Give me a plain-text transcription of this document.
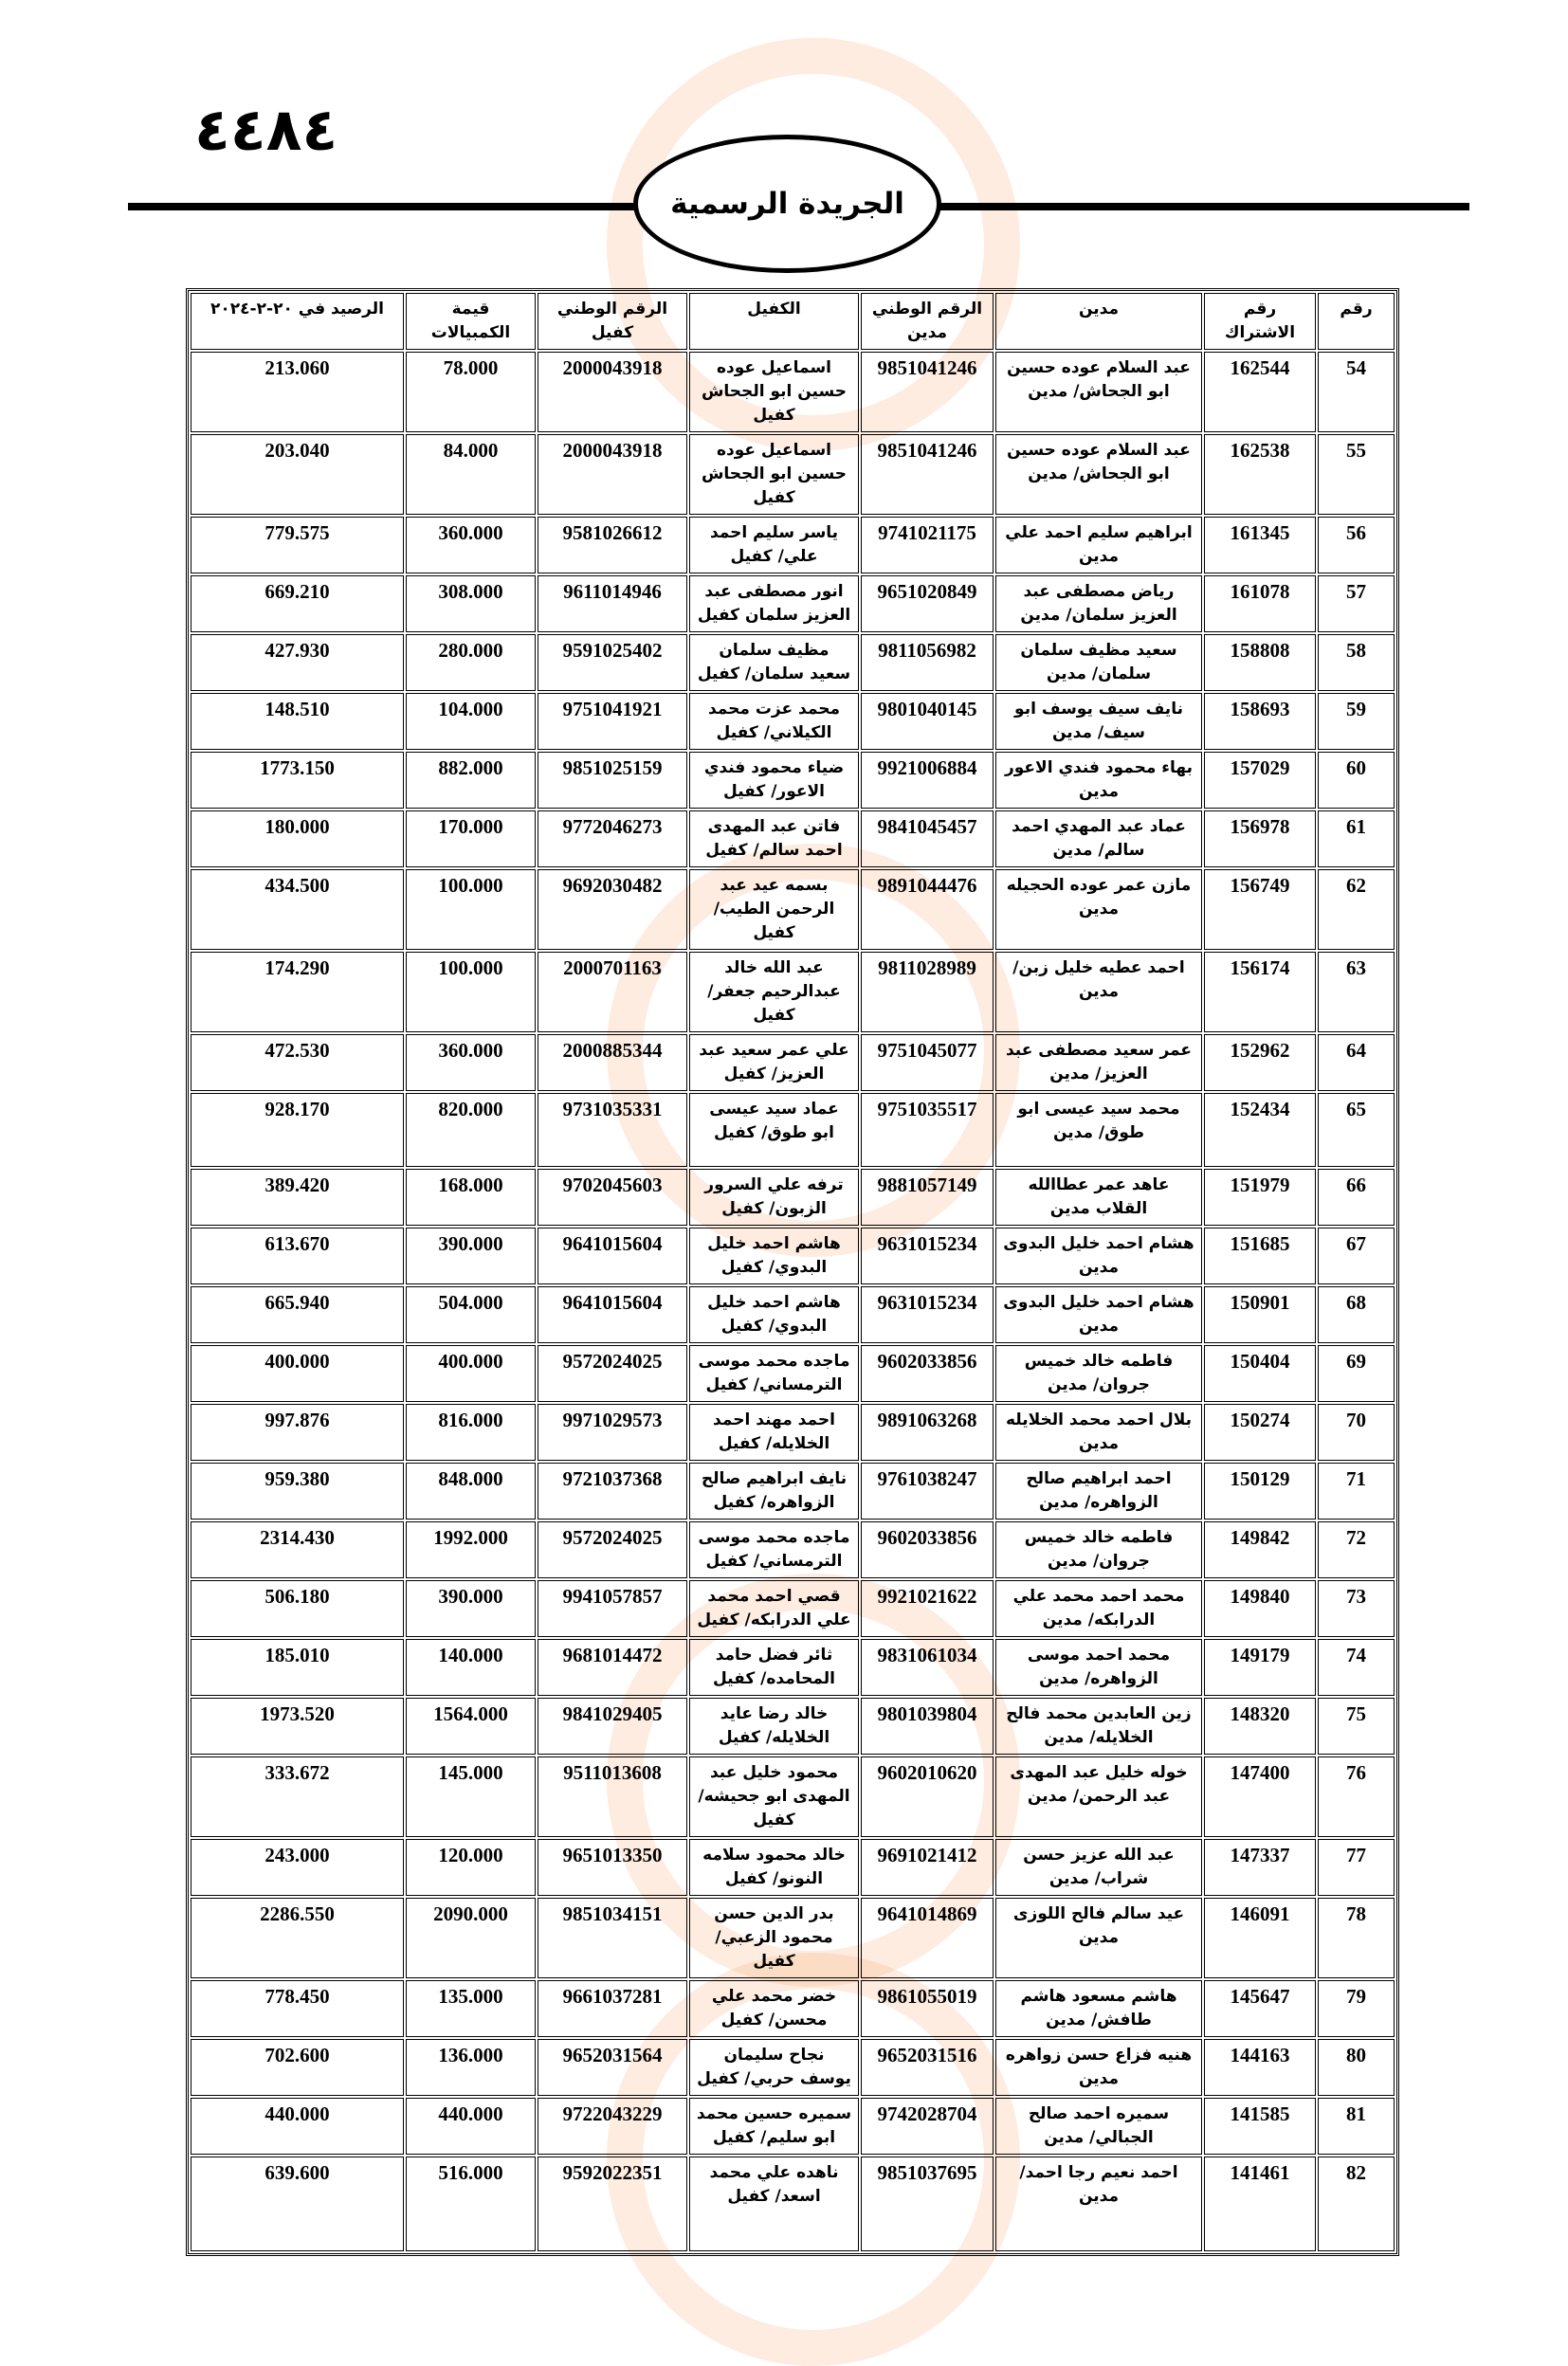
٤٤٨٤
الجريدة الرسمية
رقم	رقم الاشتراك	مدين	الرقم الوطني مدين	الكفيل	الرقم الوطني كفيل	قيمة الكمبيالات	الرصيد في ٢٠-٢-٢٠٢٤
54	162544	عبد السلام عوده حسين ابو الجحاش/ مدين	9851041246	اسماعيل عوده حسين ابو الجحاش كفيل	2000043918	78.000	213.060
55	162538	عبد السلام عوده حسين ابو الجحاش/ مدين	9851041246	اسماعيل عوده حسين ابو الجحاش كفيل	2000043918	84.000	203.040
56	161345	ابراهيم سليم احمد علي مدين	9741021175	ياسر سليم احمد علي/ كفيل	9581026612	360.000	779.575
57	161078	رياض مصطفى عبد العزيز سلمان/ مدين	9651020849	انور مصطفى عبد العزيز سلمان كفيل	9611014946	308.000	669.210
58	158808	سعيد مظيف سلمان سلمان/ مدين	9811056982	مظيف سلمان سعيد سلمان/ كفيل	9591025402	280.000	427.930
59	158693	نايف سيف يوسف ابو سيف/ مدين	9801040145	محمد عزت محمد الكيلاني/ كفيل	9751041921	104.000	148.510
60	157029	بهاء محمود فندي الاعور مدين	9921006884	ضياء محمود فندي الاعور/ كفيل	9851025159	882.000	1773.150
61	156978	عماد عبد المهدي احمد سالم/ مدين	9841045457	فاتن عبد المهدى احمد سالم/ كفيل	9772046273	170.000	180.000
62	156749	مازن عمر عوده الحجيله مدين	9891044476	بسمه عيد عبد الرحمن الطيب/ كفيل	9692030482	100.000	434.500
63	156174	احمد عطيه خليل زبن/مدين	9811028989	عبد الله خالد عبدالرحيم جعفر/كفيل	2000701163	100.000	174.290
64	152962	عمر سعيد مصطفى عبد العزيز/ مدين	9751045077	علي عمر سعيد عبد العزيز/ كفيل	2000885344	360.000	472.530
65	152434	محمد سيد عيسى ابو طوق/ مدين	9751035517	عماد سيد عيسى ابو طوق/ كفيل	9731035331	820.000	928.170
66	151979	عاهد عمر عطاالله القلاب مدين	9881057149	ترفه علي السرور الزبون/ كفيل	9702045603	168.000	389.420
67	151685	هشام احمد خليل البدوى مدين	9631015234	هاشم احمد خليل البدوي/ كفيل	9641015604	390.000	613.670
68	150901	هشام احمد خليل البدوى مدين	9631015234	هاشم احمد خليل البدوي/ كفيل	9641015604	504.000	665.940
69	150404	فاطمه خالد خميس جروان/ مدين	9602033856	ماجده محمد موسى الترمساني/ كفيل	9572024025	400.000	400.000
70	150274	بلال احمد محمد الخلايله مدين	9891063268	احمد مهند احمد الخلايله/ كفيل	9971029573	816.000	997.876
71	150129	احمد ابراهيم صالح الزواهره/ مدين	9761038247	نايف ابراهيم صالح الزواهره/ كفيل	9721037368	848.000	959.380
72	149842	فاطمه خالد خميس جروان/ مدين	9602033856	ماجده محمد موسى الترمساني/ كفيل	9572024025	1992.000	2314.430
73	149840	محمد احمد محمد علي الدرابكه/ مدين	9921021622	قصي احمد محمد علي الدرابكه/ كفيل	9941057857	390.000	506.180
74	149179	محمد احمد موسى الزواهره/ مدين	9831061034	ثائر فضل حامد المحامده/ كفيل	9681014472	140.000	185.010
75	148320	زين العابدين محمد فالح الخلايله/ مدين	9801039804	خالد رضا عايد الخلايله/ كفيل	9841029405	1564.000	1973.520
76	147400	خوله خليل عبد المهدى عبد الرحمن/ مدين	9602010620	محمود خليل عبد المهدى ابو جحيشه/ كفيل	9511013608	145.000	333.672
77	147337	عبد الله عزيز حسن شراب/ مدين	9691021412	خالد محمود سلامه النونو/ كفيل	9651013350	120.000	243.000
78	146091	عيد سالم فالح اللوزى مدين	9641014869	بدر الدين حسن محمود الزعبي/كفيل	9851034151	2090.000	2286.550
79	145647	هاشم مسعود هاشم طافش/ مدين	9861055019	خضر محمد علي محسن/ كفيل	9661037281	135.000	778.450
80	144163	هنيه فزاع حسن زواهره مدين	9652031516	نجاح سليمان يوسف حربي/ كفيل	9652031564	136.000	702.600
81	141585	سميره احمد صالح الجبالي/ مدين	9742028704	سميره حسين محمد ابو سليم/ كفيل	9722043229	440.000	440.000
82	141461	احمد نعيم رجا احمد/ مدين	9851037695	ناهده علي محمد اسعد/ كفيل	9592022351	516.000	639.600
